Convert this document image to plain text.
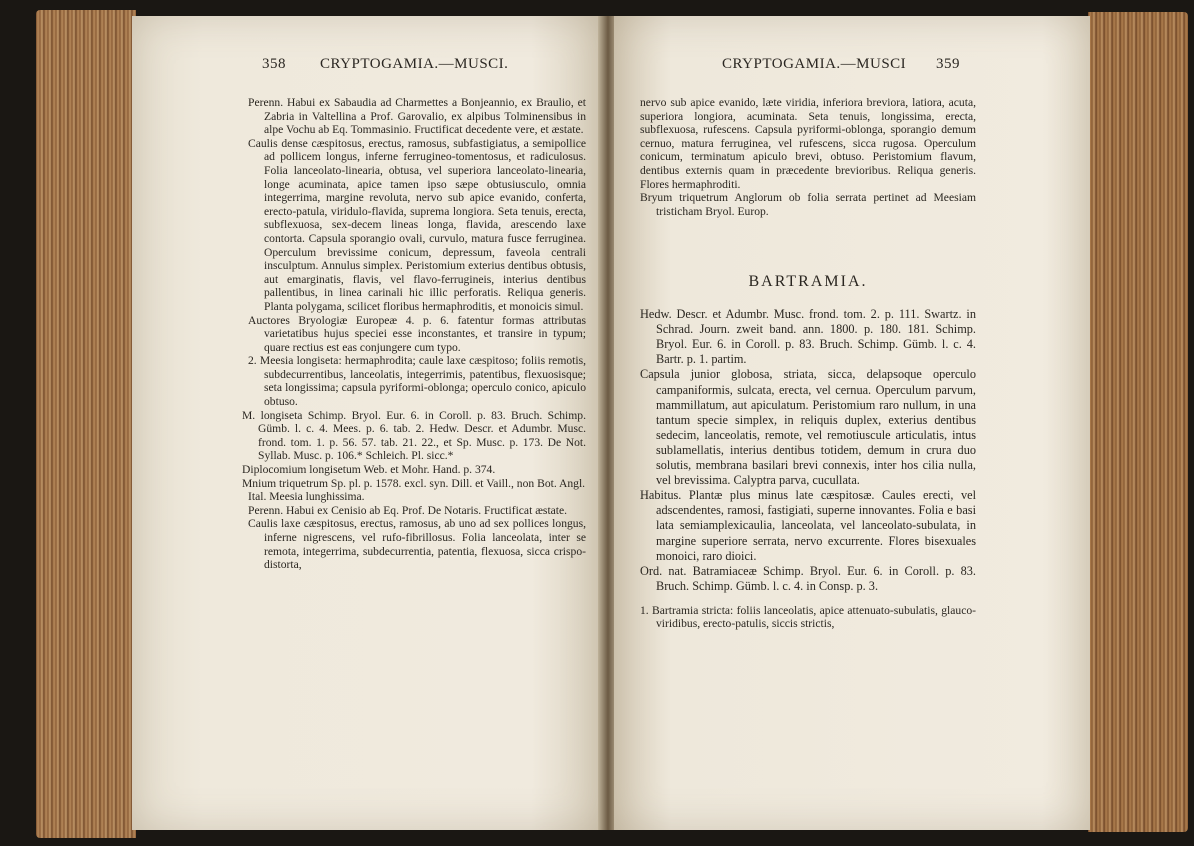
358 CRYPTOGAMIA.—MUSCI.	CRYPTOGAMIA.—MUSCI 359

Perenn. Habui ex Sabaudia ad Charmettes a Bonjeannio, ex Braulio, et Zabria in Valtellina a Prof. Garovalio, ex alpibus Tolminensibus in alpe Vochu ab Eq. Tommasinio. Fructificat decedente vere, et æstate.

Caulis dense cæspitosus, erectus, ramosus, subfastigiatus, a semipollice ad pollicem longus, inferne ferrugineo-tomentosus, et radiculosus. Folia lanceolato-linearia, obtusa, vel superiora lanceolato-linearia, longe acuminata, apice tamen ipso sæpe obtusiusculo, omnia integerrima, margine revoluta, nervo sub apice evanido, conferta, erecto-patula, viridulo-flavida, suprema longiora. Seta tenuis, erecta, subflexuosa, sex-decem lineas longa, flavida, arescendo laxe contorta. Capsula sporangio ovali, curvulo, matura fusce ferruginea. Operculum brevissime conicum, depressum, faveola centrali insculptum. Annulus simplex. Peristomium exterius dentibus obtusis, aut emarginatis, flavis, vel flavo-ferrugineis, interius dentibus pallentibus, in linea carinali hic illic perforatis. Reliqua generis. Planta polygama, scilicet floribus hermaphroditis, et monoicis simul.

Auctores Bryologiæ Europeæ 4. p. 6. fatentur formas attributas varietatibus hujus speciei esse inconstantes, et transire in typum; quare rectius est eas conjungere cum typo.

2. Meesia longiseta: hermaphrodita; caule laxe cæspitoso; foliis remotis, subdecurrentibus, lanceolatis, integerrimis, patentibus, flexuosisque; seta longissima; capsula pyriformi-oblonga; operculo conico, apiculo obtuso.

M. longiseta Schimp. Bryol. Eur. 6. in Coroll. p. 83. Bruch. Schimp. Gümb. l. c. 4. Mees. p. 6. tab. 2. Hedw. Descr. et Adumbr. Musc. frond. tom. 1. p. 56. 57. tab. 21. 22., et Sp. Musc. p. 173. De Not. Syllab. Musc. p. 106.* Schleich. Pl. sicc.*

Diplocomium longisetum Web. et Mohr. Hand. p. 374.

Mnium triquetrum Sp. pl. p. 1578. excl. syn. Dill. et Vaill., non Bot. Angl.

Ital. Meesia lunghissima.

Perenn. Habui ex Cenisio ab Eq. Prof. De Notaris. Fructificat æstate.

Caulis laxe cæspitosus, erectus, ramosus, ab uno ad sex pollices longus, inferne nigrescens, vel rufo-fibrillosus. Folia lanceolata, inter se remota, integerrima, subdecurrentia, patentia, flexuosa, sicca crispo-distorta,

nervo sub apice evanido, læte viridia, inferiora breviora, latiora, acuta, superiora longiora, acuminata. Seta tenuis, longissima, erecta, subflexuosa, rufescens. Capsula pyriformi-oblonga, sporangio demum cernuo, matura ferruginea, vel rufescens, sicca rugosa. Operculum conicum, terminatum apiculo brevi, obtuso. Peristomium flavum, dentibus externis quam in præcedente brevioribus. Reliqua generis. Flores hermaphroditi.

Bryum triquetrum Anglorum ob folia serrata pertinet ad Meesiam tristicham Bryol. Europ.

BARTRAMIA.

Hedw. Descr. et Adumbr. Musc. frond. tom. 2. p. 111. Swartz. in Schrad. Journ. zweit band. ann. 1800. p. 180. 181. Schimp. Bryol. Eur. 6. in Coroll. p. 83. Bruch. Schimp. Gümb. l. c. 4. Bartr. p. 1. partim.

Capsula junior globosa, striata, sicca, delapsoque operculo campaniformis, sulcata, erecta, vel cernua. Operculum parvum, mammillatum, aut apiculatum. Peristomium raro nullum, in una tantum specie simplex, in reliquis duplex, exterius dentibus sedecim, lanceolatis, remote, vel remotiuscule articulatis, intus sublamellatis, interius dentibus totidem, demum in crura duo solutis, membrana basilari brevi connexis, inter hos cilia nulla, vel brevissima. Calyptra parva, cucullata.

Habitus. Plantæ plus minus late cæspitosæ. Caules erecti, vel adscendentes, ramosi, fastigiati, superne innovantes. Folia e basi lata semiamplexicaulia, lanceolata, vel lanceolato-subulata, in margine superiore serrata, nervo excurrente. Flores bisexuales monoici, raro dioici.

Ord. nat. Batramiaceæ Schimp. Bryol. Eur. 6. in Coroll. p. 83. Bruch. Schimp. Gümb. l. c. 4. in Consp. p. 3.

1. Bartramia stricta: foliis lanceolatis, apice attenuato-subulatis, glauco-viridibus, erecto-patulis, siccis strictis,
